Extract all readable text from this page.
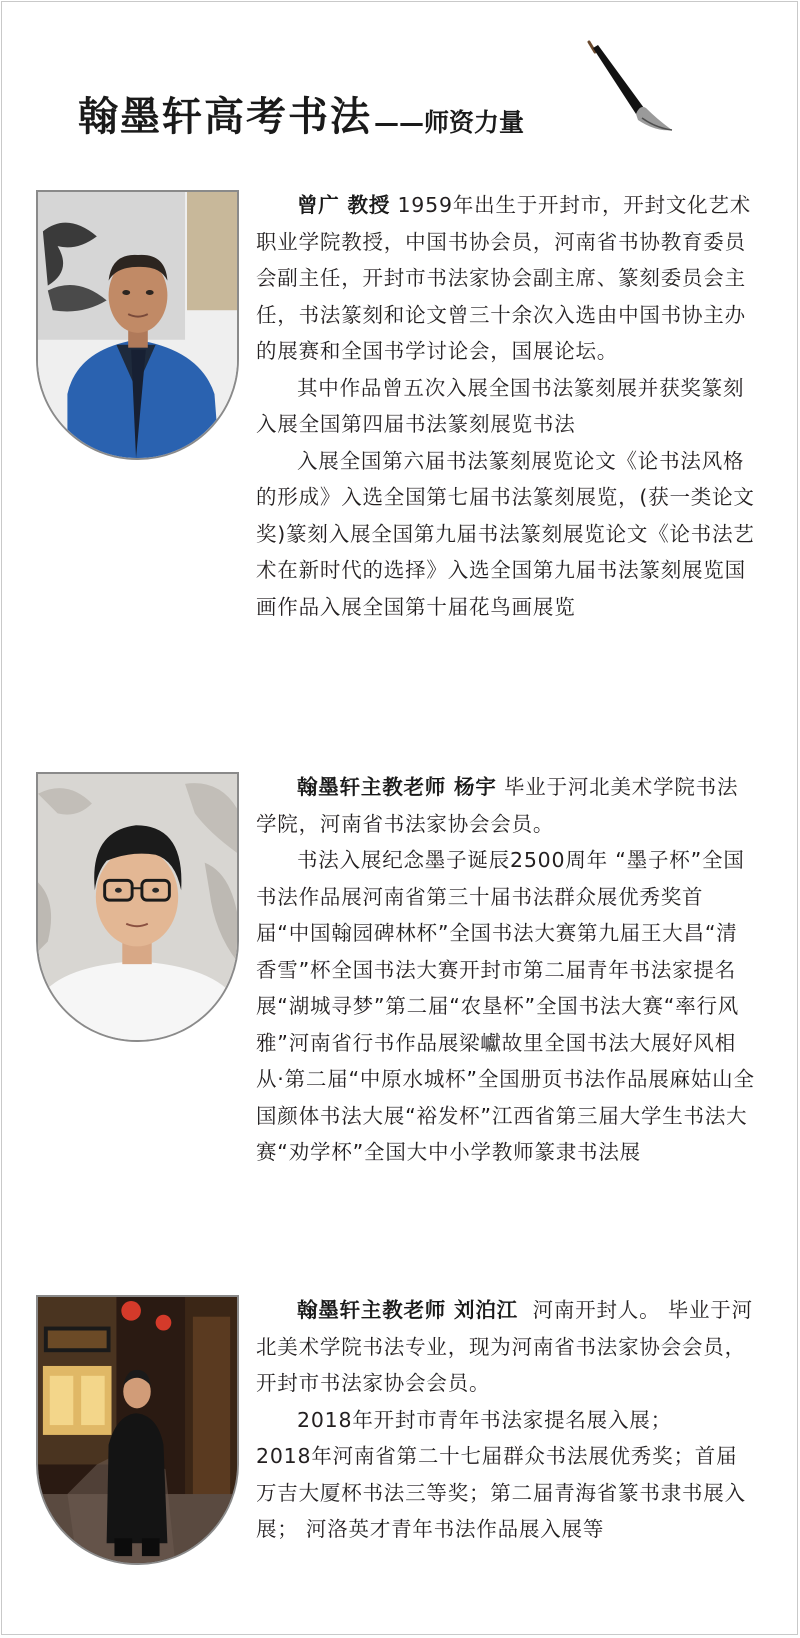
翰墨轩高考书法 ——师资力量

曾广 教授 1959年出生于开封市，开封文化艺术职业学院教授，中国书协会员，河南省书协教育委员会副主任，开封市书法家协会副主席、篆刻委员会主任，书法篆刻和论文曾三十余次入选由中国书协主办的展赛和全国书学讨论会，国展论坛。

其中作品曾五次入展全国书法篆刻展并获奖篆刻入展全国第四届书法篆刻展览书法

入展全国第六届书法篆刻展览论文《论书法风格的形成》入选全国第七届书法篆刻展览，(获一类论文奖)篆刻入展全国第九届书法篆刻展览论文《论书法艺术在新时代的选择》入选全国第九届书法篆刻展览国画作品入展全国第十届花鸟画展览

翰墨轩主教老师 杨宇 毕业于河北美术学院书法学院，河南省书法家协会会员。

书法入展纪念墨子诞辰2500周年 “墨子杯”全国书法作品展河南省第三十届书法群众展优秀奖首届“中国翰园碑林杯”全国书法大赛第九届王大昌“清香雪”杯全国书法大赛开封市第二届青年书法家提名展“湖城寻梦”第二届“农垦杯”全国书法大赛“率行风雅”河南省行书作品展梁巘故里全国书法大展好风相从·第二届“中原水城杯”全国册页书法作品展麻姑山全国颜体书法大展“裕发杯”江西省第三届大学生书法大赛“劝学杯”全国大中小学教师篆隶书法展

翰墨轩主教老师 刘泊江 河南开封人。 毕业于河北美术学院书法专业，现为河南省书法家协会会员，开封市书法家协会会员。

2018年开封市青年书法家提名展入展；

2018年河南省第二十七届群众书法展优秀奖；首届万吉大厦杯书法三等奖；第二届青海省篆书隶书展入展； 河洛英才青年书法作品展入展等
